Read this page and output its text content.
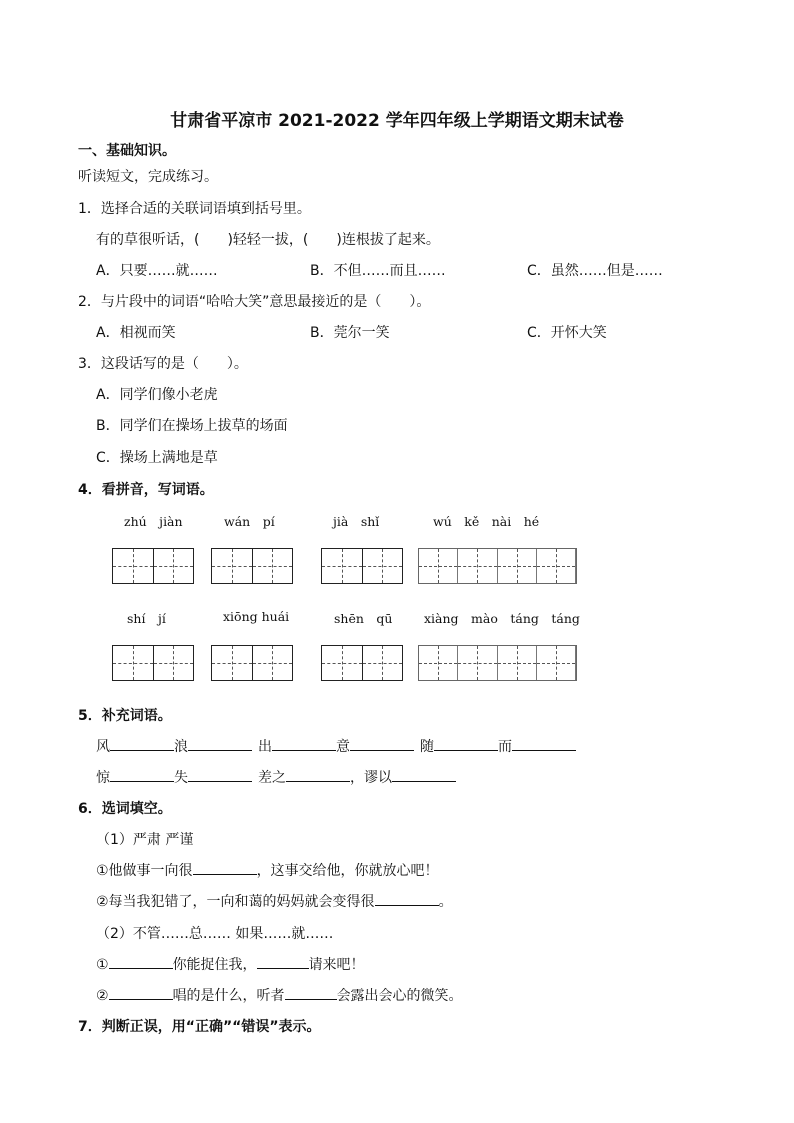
甘肃省平凉市 2021-2022 学年四年级上学期语文期末试卷
一、基础知识。
听读短文，完成练习。
1．选择合适的关联词语填到括号里。
有的草很听话，(　　)轻轻一拔，(　　)连根拔了起来。
A．只要……就……	B．不但……而且……	C．虽然……但是……
2．与片段中的词语“哈哈大笑”意思最接近的是（　　）。
A．相视而笑	B．莞尔一笑	C．开怀大笑
3．这段话写的是（　　）。
A．同学们像小老虎
B．同学们在操场上拔草的场面
C．操场上满地是草
4．看拼音，写词语。
zhú　jiàn	wán　pí	jià　shǐ	wú　kě　nài　hé
shí　jí	xiōng huái	shēn　qū	xiàng　mào　táng　táng
5．补充词语。
风	浪	出	意	随	而
惊	失	差之	，谬以
6．选词填空。
（1）严肃 严谨
①他做事一向很	，这事交给他，你就放心吧！
②每当我犯错了，一向和蔼的妈妈就会变得很	。
（2）不管……总…… 如果……就……
①	你能捉住我，	请来吧！
②	唱的是什么，听者	会露出会心的微笑。
7．判断正误，用“正确”“错误”表示。
